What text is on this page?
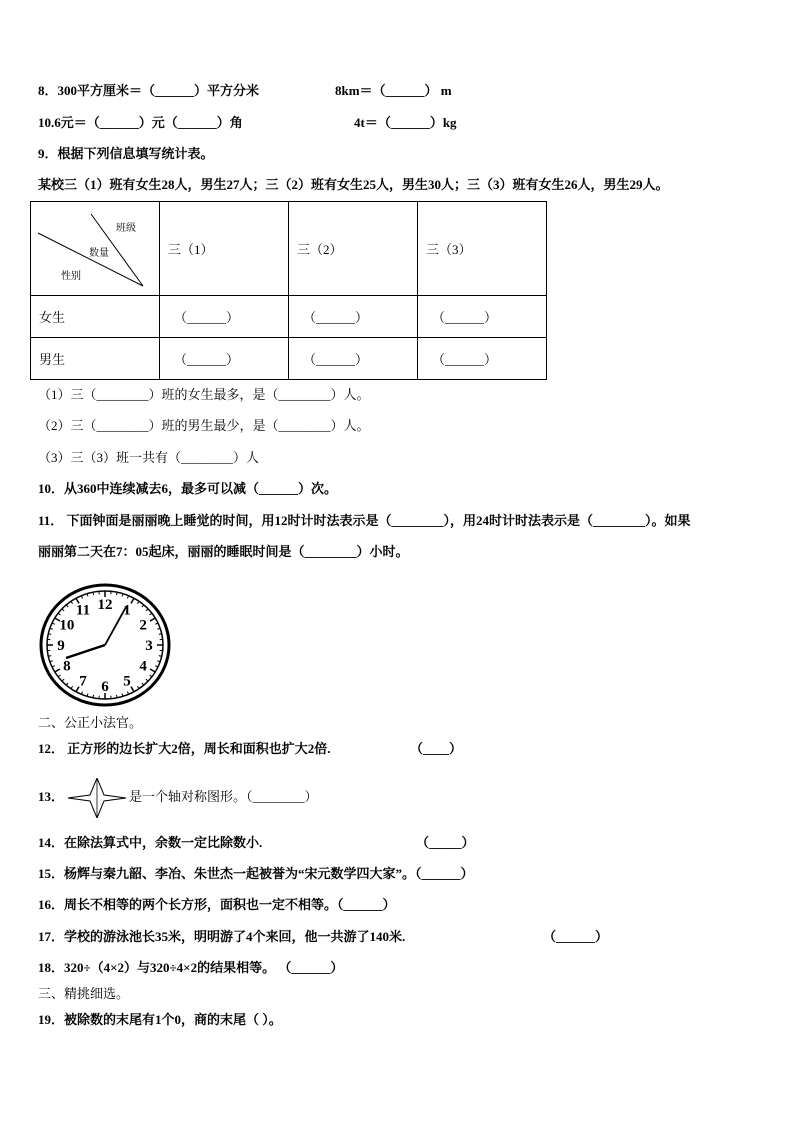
8．300平方厘米＝（______）平方分米	8km＝（______） m
10.6元＝（______）元（______）角	4t＝（______）kg
9．根据下列信息填写统计表。
某校三（1）班有女生28人，男生27人；三（2）班有女生25人，男生30人；三（3）班有女生26人，男生29人。
班级
数量
性别	三（1）	三（2）	三（3）
女生	（______）	（______）	（______）
男生	（______）	（______）	（______）
（1）三（________）班的女生最多，是（________）人。
（2）三（________）班的男生最少，是（________）人。
（3）三（3）班一共有（________）人
10．从360中连续减去6，最多可以减（______）次。
11． 下面钟面是丽丽晚上睡觉的时间，用12时计时法表示是（________），用24时计时法表示是（________）。如果
丽丽第二天在7：05起床，丽丽的睡眠时间是（________）小时。
12 1
2
3
4
5
6
7
8
9
10
11
二、公正小法官。
12． 正方形的边长扩大2倍，周长和面积也扩大2倍.	（____）
13．	是一个轴对称图形。（________）
14．在除法算式中，余数一定比除数小.	（_____）
15．杨辉与秦九韶、李冶、朱世杰一起被誉为“宋元数学四大家”。（______）
16．周长不相等的两个长方形，面积也一定不相等。（______）
17．学校的游泳池长35米，明明游了4个来回，他一共游了140米.	（______）
18．320÷（4×2）与320÷4×2的结果相等。 （______）
三、精挑细选。
19．被除数的末尾有1个0，商的末尾（ ）。
